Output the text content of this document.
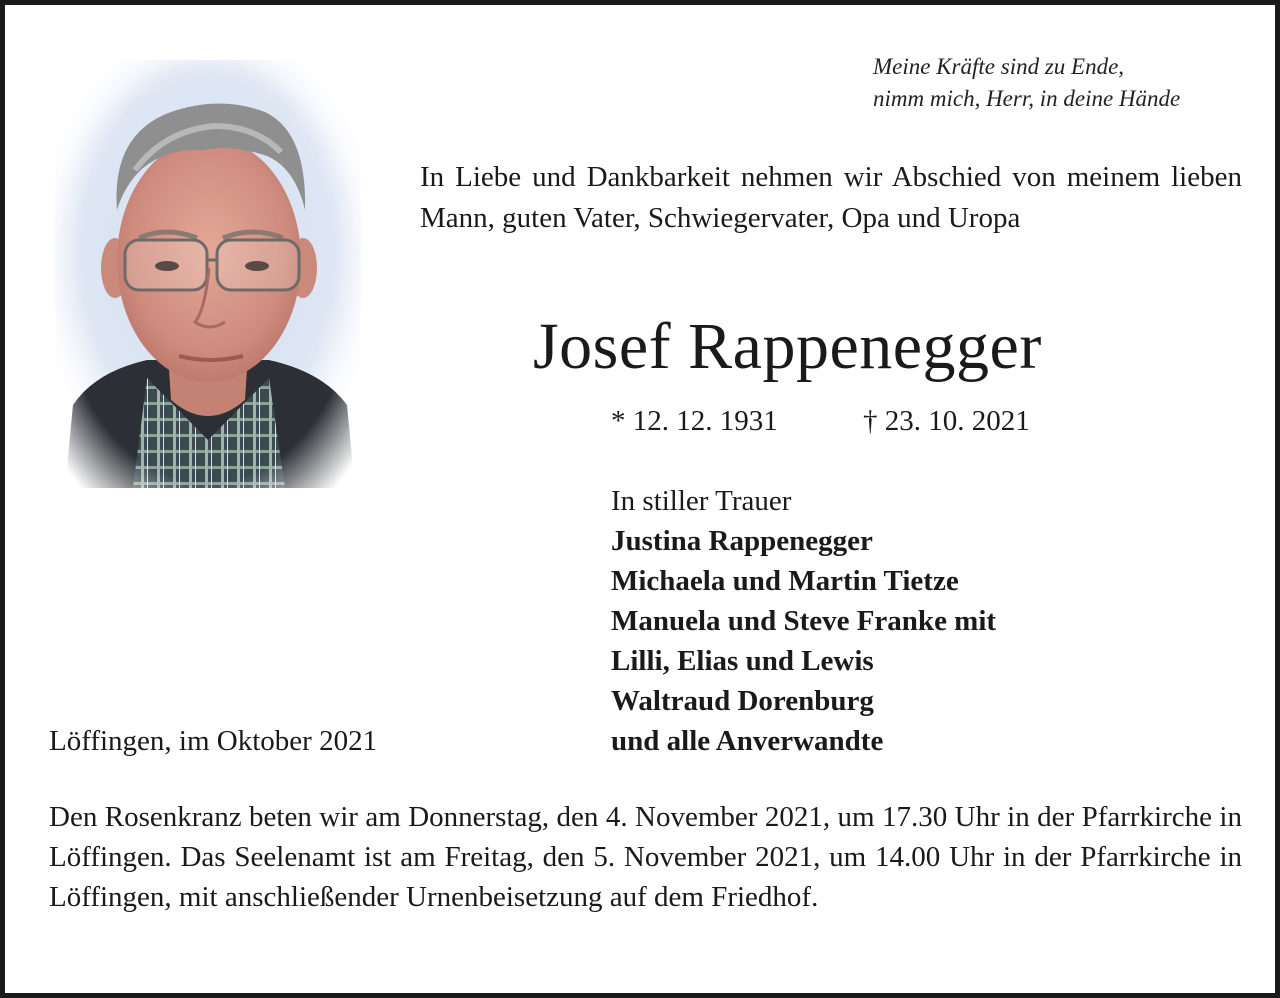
Meine Kräfte sind zu Ende,
nimm mich, Herr, in deine Hände
In Liebe und Dankbarkeit nehmen wir Abschied von meinem lieben Mann, guten Vater, Schwiegervater, Opa und Uropa
Josef Rappenegger
* 12. 12. 1931	† 23. 10. 2021
In stiller Trauer
Justina Rappenegger
Michaela und Martin Tietze
Manuela und Steve Franke mit
Lilli, Elias und Lewis
Waltraud Dorenburg
und alle Anverwandte
Löffingen, im Oktober 2021
Den Rosenkranz beten wir am Donnerstag, den 4. November 2021, um 17.30 Uhr in der Pfarrkirche in Löffingen. Das Seelenamt ist am Freitag, den 5. November 2021, um 14.00 Uhr in der Pfarrkirche in Löffingen, mit anschließender Urnenbeisetzung auf dem Friedhof.
